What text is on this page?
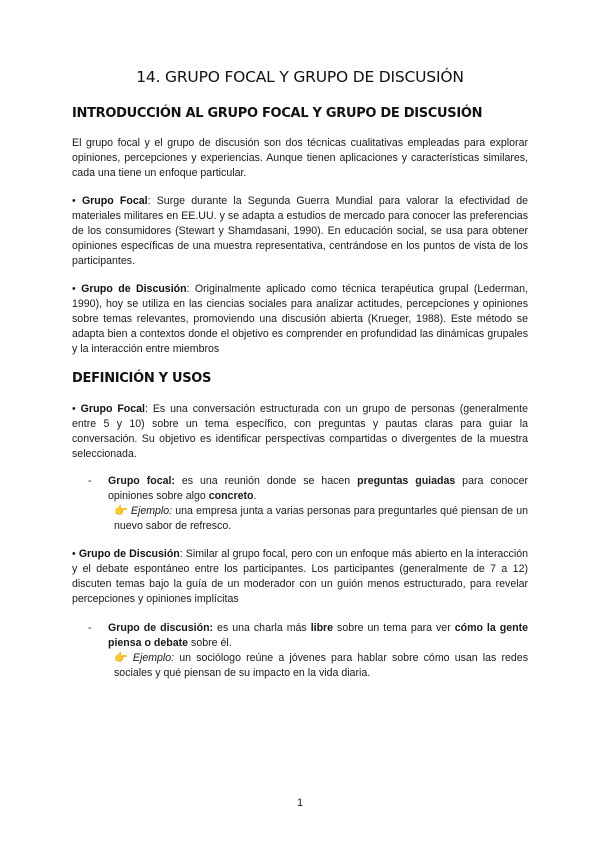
14. GRUPO FOCAL Y GRUPO DE DISCUSIÓN
INTRODUCCIÓN AL GRUPO FOCAL Y GRUPO DE DISCUSIÓN

El grupo focal y el grupo de discusión son dos técnicas cualitativas empleadas para explorar opiniones, percepciones y experiencias. Aunque tienen aplicaciones y características similares, cada una tiene un enfoque particular.

• Grupo Focal: Surge durante la Segunda Guerra Mundial para valorar la efectividad de materiales militares en EE.UU. y se adapta a estudios de mercado para conocer las preferencias de los consumidores (Stewart y Shamdasani, 1990). En educación social, se usa para obtener opiniones específicas de una muestra representativa, centrándose en los puntos de vista de los participantes.

• Grupo de Discusión: Originalmente aplicado como técnica terapéutica grupal (Lederman, 1990), hoy se utiliza en las ciencias sociales para analizar actitudes, percepciones y opiniones sobre temas relevantes, promoviendo una discusión abierta (Krueger, 1988). Este método se adapta bien a contextos donde el objetivo es comprender en profundidad las dinámicas grupales y la interacción entre miembros

DEFINICIÓN Y USOS

• Grupo Focal: Es una conversación estructurada con un grupo de personas (generalmente entre 5 y 10) sobre un tema específico, con preguntas y pautas claras para guiar la conversación. Su objetivo es identificar perspectivas compartidas o divergentes de la muestra seleccionada.

- Grupo focal: es una reunión donde se hacen preguntas guiadas para conocer opiniones sobre algo concreto.
👉 Ejemplo: una empresa junta a varias personas para preguntarles qué piensan de un nuevo sabor de refresco.

• Grupo de Discusión: Similar al grupo focal, pero con un enfoque más abierto en la interacción y el debate espontáneo entre los participantes. Los participantes (generalmente de 7 a 12) discuten temas bajo la guía de un moderador con un guión menos estructurado, para revelar percepciones y opiniones implícitas

- Grupo de discusión: es una charla más libre sobre un tema para ver cómo la gente piensa o debate sobre él.
👉 Ejemplo: un sociólogo reúne a jóvenes para hablar sobre cómo usan las redes sociales y qué piensan de su impacto en la vida diaria.
1
